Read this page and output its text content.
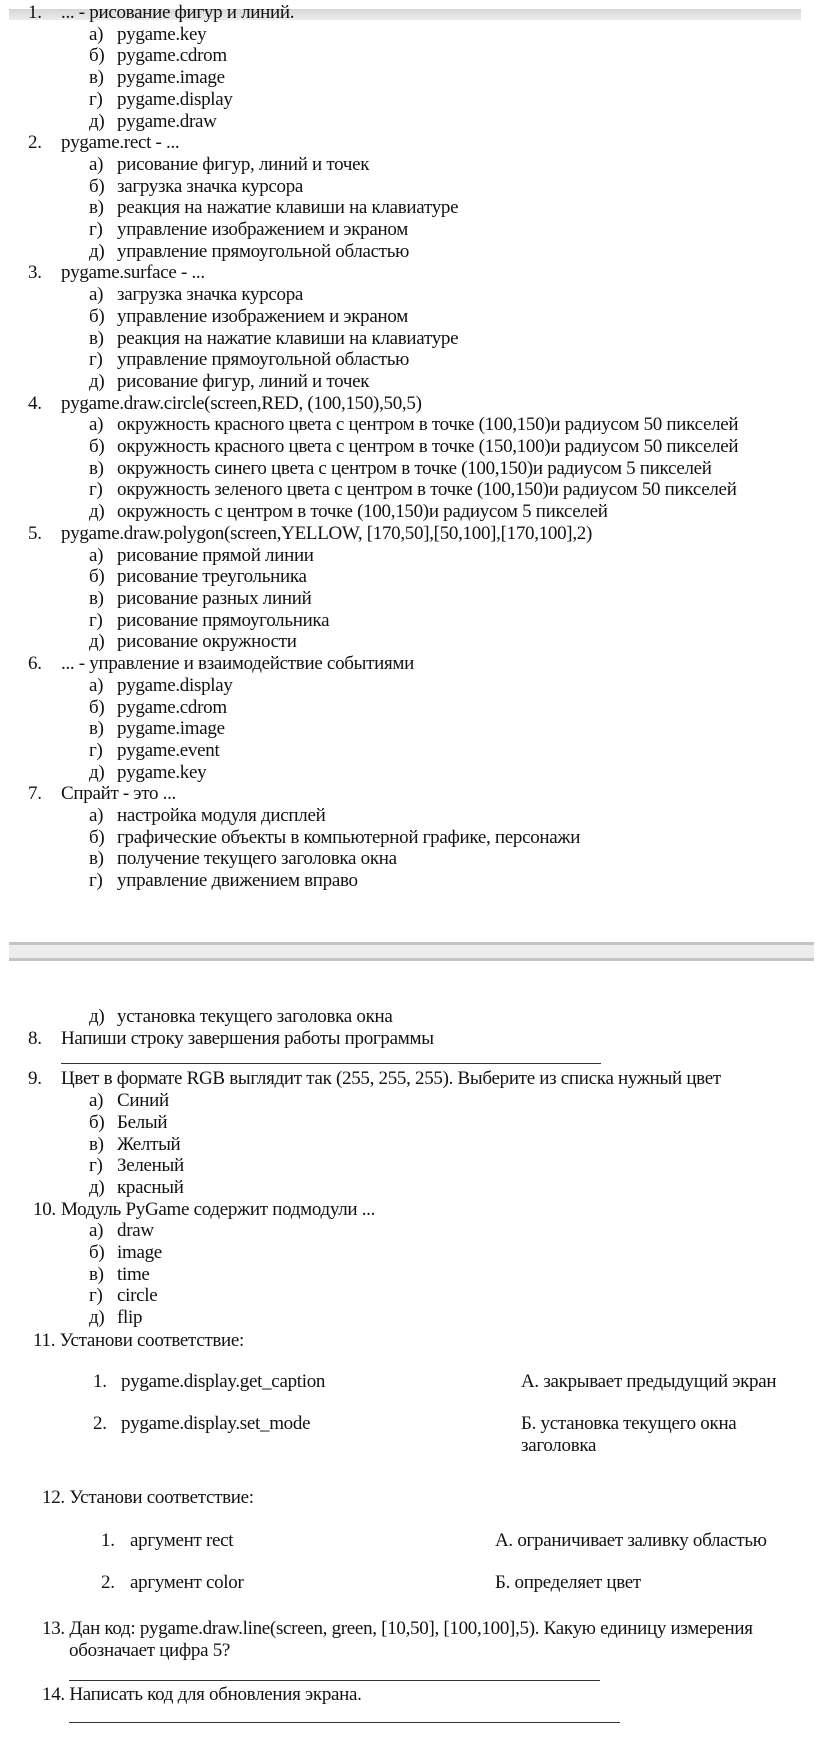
1. ... - рисование фигур и линий.
а) pygame.key
б) pygame.cdrom
в) pygame.image
г) pygame.display
д) pygame.draw
2. pygame.rect - ...
а) рисование фигур, линий и точек
б) загрузка значка курсора
в) реакция на нажатие клавиши на клавиатуре
г) управление изображением и экраном
д) управление прямоугольной областью
3. pygame.surface - ...
а) загрузка значка курсора
б) управление изображением и экраном
в) реакция на нажатие клавиши на клавиатуре
г) управление прямоугольной областью
д) рисование фигур, линий и точек
4. pygame.draw.circle(screen,RED, (100,150),50,5)
а) окружность красного цвета с центром в точке (100,150)и радиусом 50 пикселей
б) окружность красного цвета с центром в точке (150,100)и радиусом 50 пикселей
в) окружность синего цвета с центром в точке (100,150)и радиусом 5 пикселей
г) окружность зеленого цвета с центром в точке (100,150)и радиусом 50 пикселей
д) окружность с центром в точке (100,150)и радиусом 5 пикселей
5. pygame.draw.polygon(screen,YELLOW, [170,50],[50,100],[170,100],2)
а) рисование прямой линии
б) рисование треугольника
в) рисование разных линий
г) рисование прямоугольника
д) рисование окружности
6. ... - управление и взаимодействие событиями
а) pygame.display
б) pygame.cdrom
в) pygame.image
г) pygame.event
д) pygame.key
7. Спрайт - это ...
а) настройка модуля дисплей
б) графические объекты в компьютерной графике, персонажи
в) получение текущего заголовка окна
г) управление движением вправо
д) установка текущего заголовка окна
8. Напиши строку завершения работы программы
9. Цвет в формате RGB выглядит так (255, 255, 255). Выберите из списка нужный цвет
а) Синий
б) Белый
в) Желтый
г) Зеленый
д) красный
10. Модуль PyGame содержит подмодули ...
а) draw
б) image
в) time
г) circle
д) flip
11. Установи соответствие:
1. pygame.display.get_caption
2. pygame.display.set_mode
А. закрывает предыдущий экран
Б. установка текущего окна
заголовка
12. Установи соответствие:
1. аргумент rect
2. аргумент color
А. ограничивает заливку областью
Б. определяет цвет
13. Дан код: pygame.draw.line(screen, green, [10,50], [100,100],5). Какую единицу измерения
обозначает цифра 5?
14. Написать код для обновления экрана.
